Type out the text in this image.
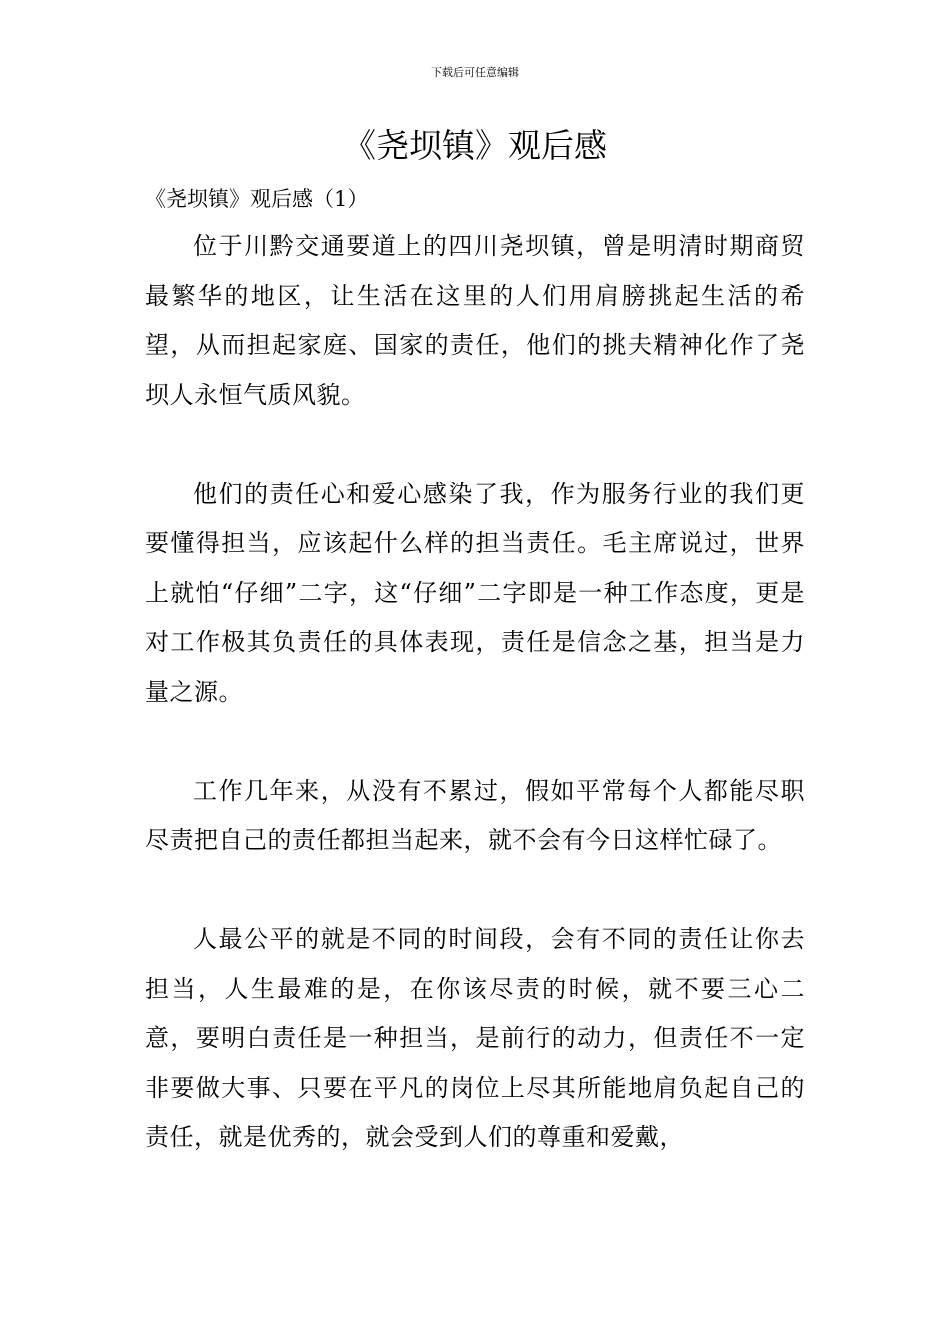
下载后可任意编辑
《尧坝镇》观后感
《尧坝镇》观后感（1）

位于川黔交通要道上的四川尧坝镇，曾是明清时期商贸最繁华的地区，让生活在这里的人们用肩膀挑起生活的希望，从而担起家庭、国家的责任，他们的挑夫精神化作了尧坝人永恒气质风貌。

他们的责任心和爱心感染了我，作为服务行业的我们更要懂得担当，应该起什么样的担当责任。毛主席说过，世界上就怕“仔细”二字，这“仔细”二字即是一种工作态度，更是对工作极其负责任的具体表现，责任是信念之基，担当是力量之源。

工作几年来，从没有不累过，假如平常每个人都能尽职尽责把自己的责任都担当起来，就不会有今日这样忙碌了。

人最公平的就是不同的时间段，会有不同的责任让你去担当，人生最难的是，在你该尽责的时候，就不要三心二意，要明白责任是一种担当，是前行的动力，但责任不一定非要做大事、只要在平凡的岗位上尽其所能地肩负起自己的责任，就是优秀的，就会受到人们的尊重和爱戴，
